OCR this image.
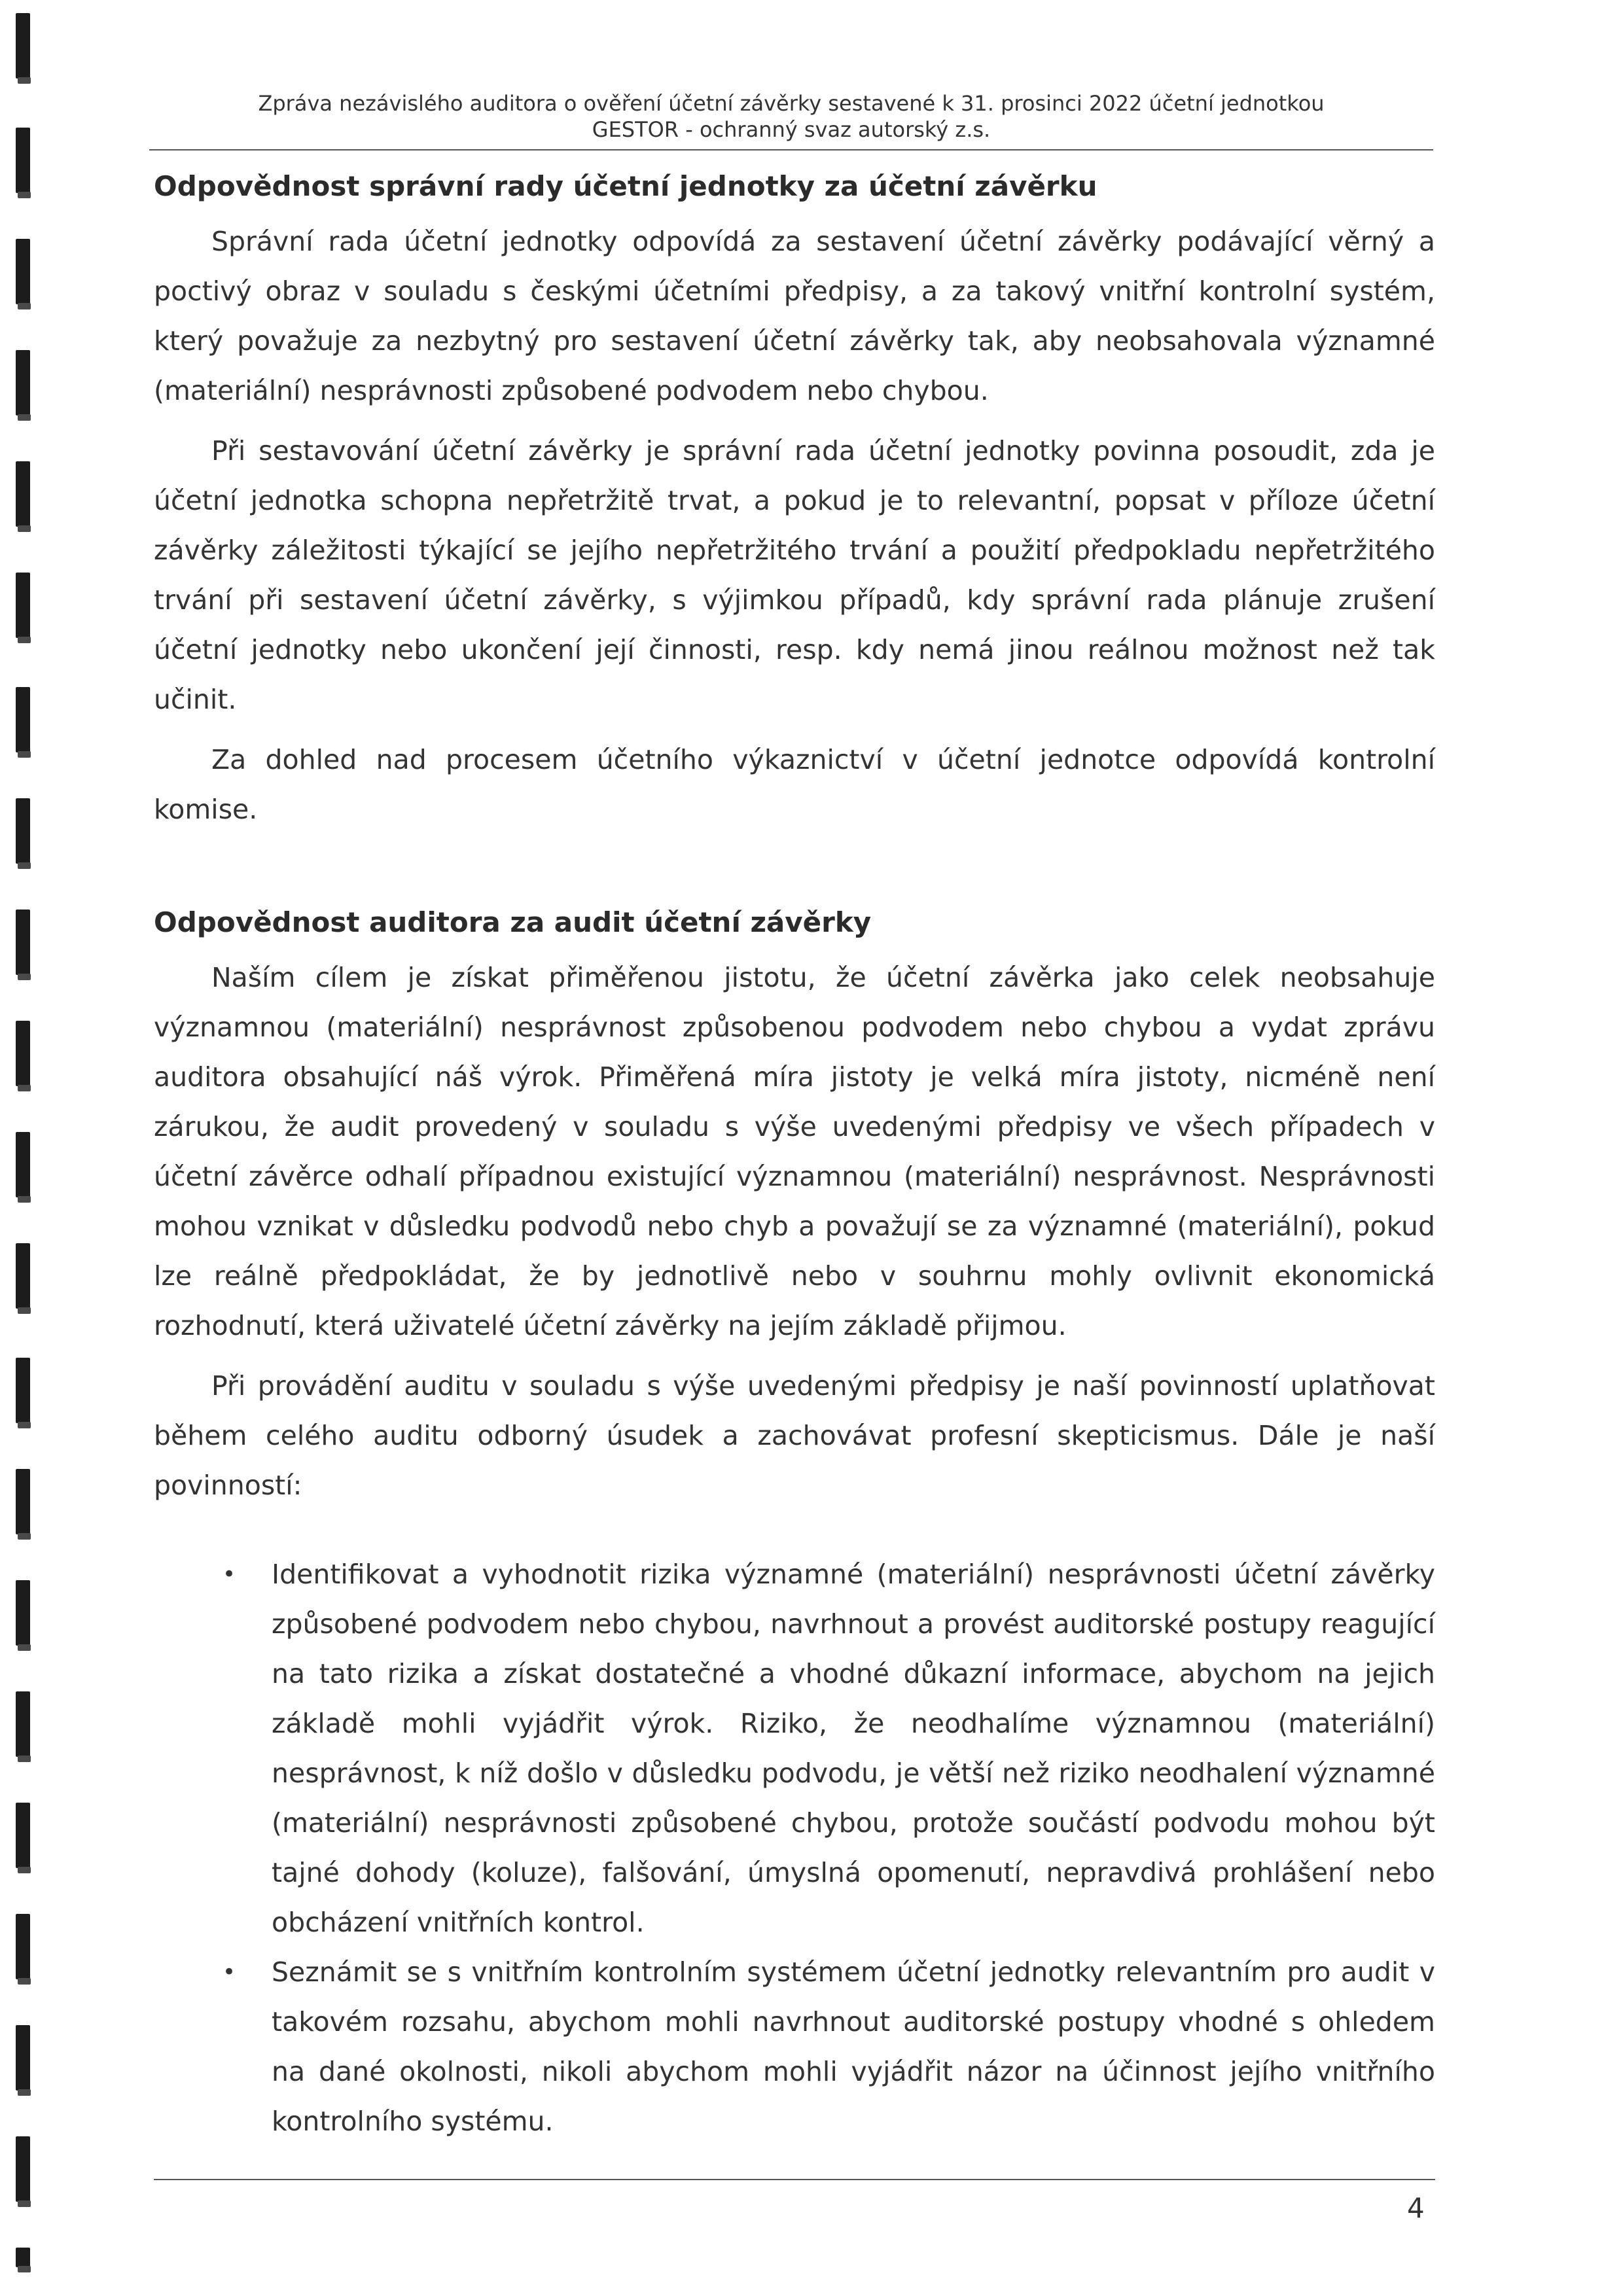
Zpráva nezávislého auditora o ověření účetní závěrky sestavené k 31. prosinci 2022 účetní jednotkou
GESTOR - ochranný svaz autorský z.s.
Odpovědnost správní rady účetní jednotky za účetní závěrku

Správní rada účetní jednotky odpovídá za sestavení účetní závěrky podávající věrný a poctivý obraz v souladu s českými účetními předpisy, a za takový vnitřní kontrolní systém, který považuje za nezbytný pro sestavení účetní závěrky tak, aby neobsahovala významné (materiální) nesprávnosti způsobené podvodem nebo chybou.

Při sestavování účetní závěrky je správní rada účetní jednotky povinna posoudit, zda je účetní jednotka schopna nepřetržitě trvat, a pokud je to relevantní, popsat v příloze účetní závěrky záležitosti týkající se jejího nepřetržitého trvání a použití předpokladu nepřetržitého trvání při sestavení účetní závěrky, s výjimkou případů, kdy správní rada plánuje zrušení účetní jednotky nebo ukončení její činnosti, resp. kdy nemá jinou reálnou možnost než tak učinit.

Za dohled nad procesem účetního výkaznictví v účetní jednotce odpovídá kontrolní komise.

Odpovědnost auditora za audit účetní závěrky

Naším cílem je získat přiměřenou jistotu, že účetní závěrka jako celek neobsahuje významnou (materiální) nesprávnost způsobenou podvodem nebo chybou a vydat zprávu auditora obsahující náš výrok. Přiměřená míra jistoty je velká míra jistoty, nicméně není zárukou, že audit provedený v souladu s výše uvedenými předpisy ve všech případech v účetní závěrce odhalí případnou existující významnou (materiální) nesprávnost. Nesprávnosti mohou vznikat v důsledku podvodů nebo chyb a považují se za významné (materiální), pokud lze reálně předpokládat, že by jednotlivě nebo v souhrnu mohly ovlivnit ekonomická rozhodnutí, která uživatelé účetní závěrky na jejím základě přijmou.

Při provádění auditu v souladu s výše uvedenými předpisy je naší povinností uplatňovat během celého auditu odborný úsudek a zachovávat profesní skepticismus. Dále je naší povinností:

• Identifikovat a vyhodnotit rizika významné (materiální) nesprávnosti účetní závěrky způsobené podvodem nebo chybou, navrhnout a provést auditorské postupy reagující na tato rizika a získat dostatečné a vhodné důkazní informace, abychom na jejich základě mohli vyjádřit výrok. Riziko, že neodhalíme významnou (materiální) nesprávnost, k níž došlo v důsledku podvodu, je větší než riziko neodhalení významné (materiální) nesprávnosti způsobené chybou, protože součástí podvodu mohou být tajné dohody (koluze), falšování, úmyslná opomenutí, nepravdivá prohlášení nebo obcházení vnitřních kontrol.
• Seznámit se s vnitřním kontrolním systémem účetní jednotky relevantním pro audit v takovém rozsahu, abychom mohli navrhnout auditorské postupy vhodné s ohledem na dané okolnosti, nikoli abychom mohli vyjádřit názor na účinnost jejího vnitřního kontrolního systému.
4
